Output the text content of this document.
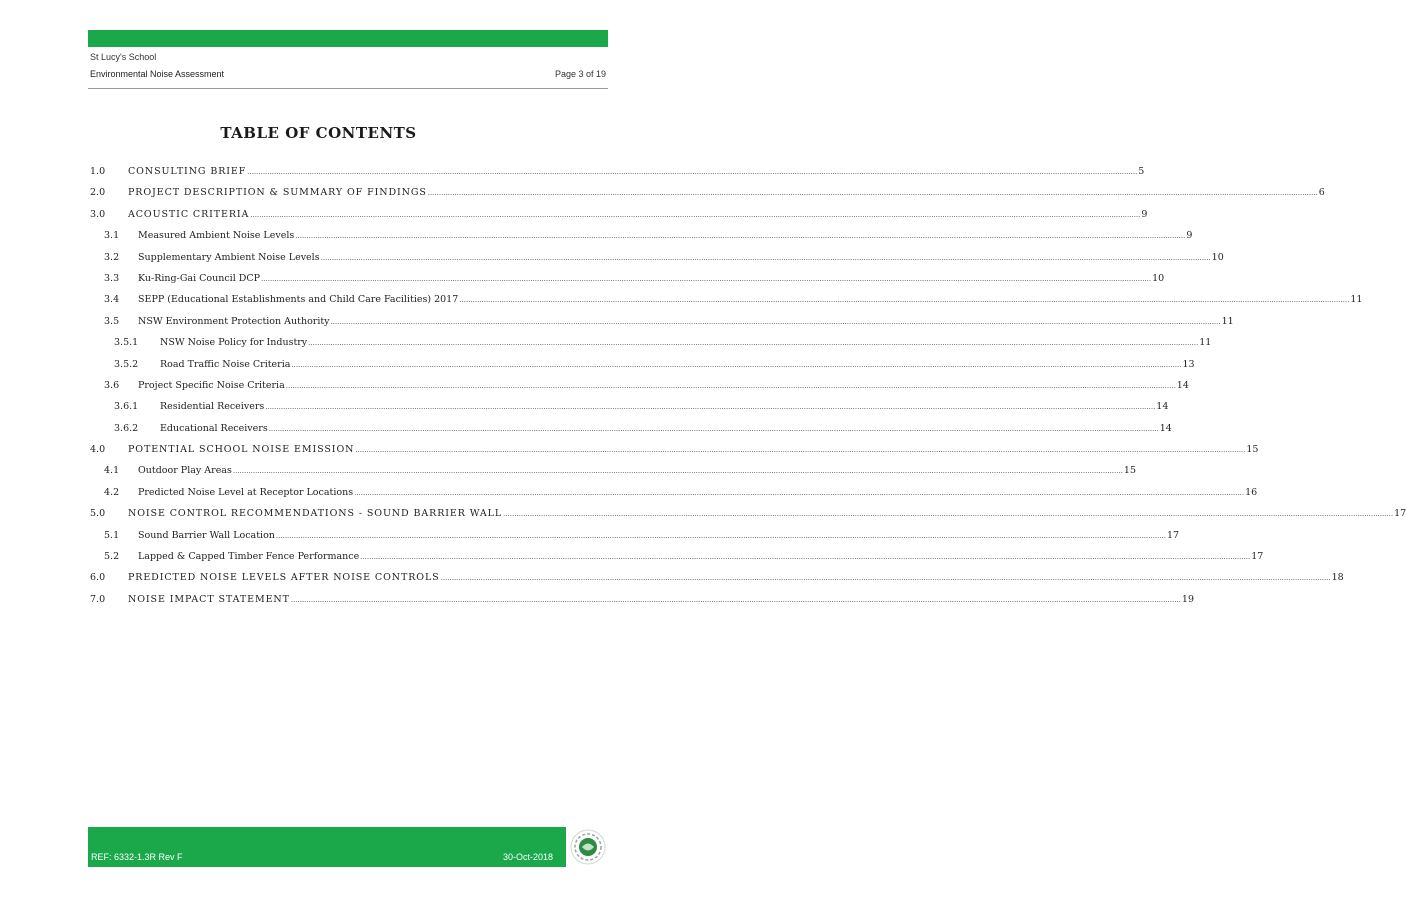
St Lucy's School
Environmental Noise Assessment	Page 3 of 19
TABLE OF CONTENTS
1.0	CONSULTING BRIEF ................................................................................................................................................................................................................................................................................................................................................................................................................ 5
2.0	PROJECT DESCRIPTION & SUMMARY OF FINDINGS ................................................................................................................................................................................................................................................................................................................................................................................................................ 6
3.0	ACOUSTIC CRITERIA ................................................................................................................................................................................................................................................................................................................................................................................................................ 9
3.1	Measured Ambient Noise Levels ................................................................................................................................................................................................................................................................................................................................................................................................................ 9
3.2	Supplementary Ambient Noise Levels ................................................................................................................................................................................................................................................................................................................................................................................................................ 10
3.3	Ku-Ring-Gai Council DCP ................................................................................................................................................................................................................................................................................................................................................................................................................ 10
3.4	SEPP (Educational Establishments and Child Care Facilities) 2017 ................................................................................................................................................................................................................................................................................................................................................................................................................ 11
3.5	NSW Environment Protection Authority ................................................................................................................................................................................................................................................................................................................................................................................................................ 11
3.5.1	NSW Noise Policy for Industry ................................................................................................................................................................................................................................................................................................................................................................................................................ 11
3.5.2	Road Traffic Noise Criteria ................................................................................................................................................................................................................................................................................................................................................................................................................ 13
3.6	Project Specific Noise Criteria ................................................................................................................................................................................................................................................................................................................................................................................................................ 14
3.6.1	Residential Receivers ................................................................................................................................................................................................................................................................................................................................................................................................................ 14
3.6.2	Educational Receivers ................................................................................................................................................................................................................................................................................................................................................................................................................ 14
4.0	POTENTIAL SCHOOL NOISE EMISSION ................................................................................................................................................................................................................................................................................................................................................................................................................ 15
4.1	Outdoor Play Areas ................................................................................................................................................................................................................................................................................................................................................................................................................ 15
4.2	Predicted Noise Level at Receptor Locations ................................................................................................................................................................................................................................................................................................................................................................................................................ 16
5.0	NOISE CONTROL RECOMMENDATIONS - SOUND BARRIER WALL ................................................................................................................................................................................................................................................................................................................................................................................................................ 17
5.1	Sound Barrier Wall Location ................................................................................................................................................................................................................................................................................................................................................................................................................ 17
5.2	Lapped & Capped Timber Fence Performance ................................................................................................................................................................................................................................................................................................................................................................................................................ 17
6.0	PREDICTED NOISE LEVELS AFTER NOISE CONTROLS ................................................................................................................................................................................................................................................................................................................................................................................................................ 18
7.0	NOISE IMPACT STATEMENT ................................................................................................................................................................................................................................................................................................................................................................................................................ 19
REF: 6332-1.3R Rev F	30-Oct-2018
